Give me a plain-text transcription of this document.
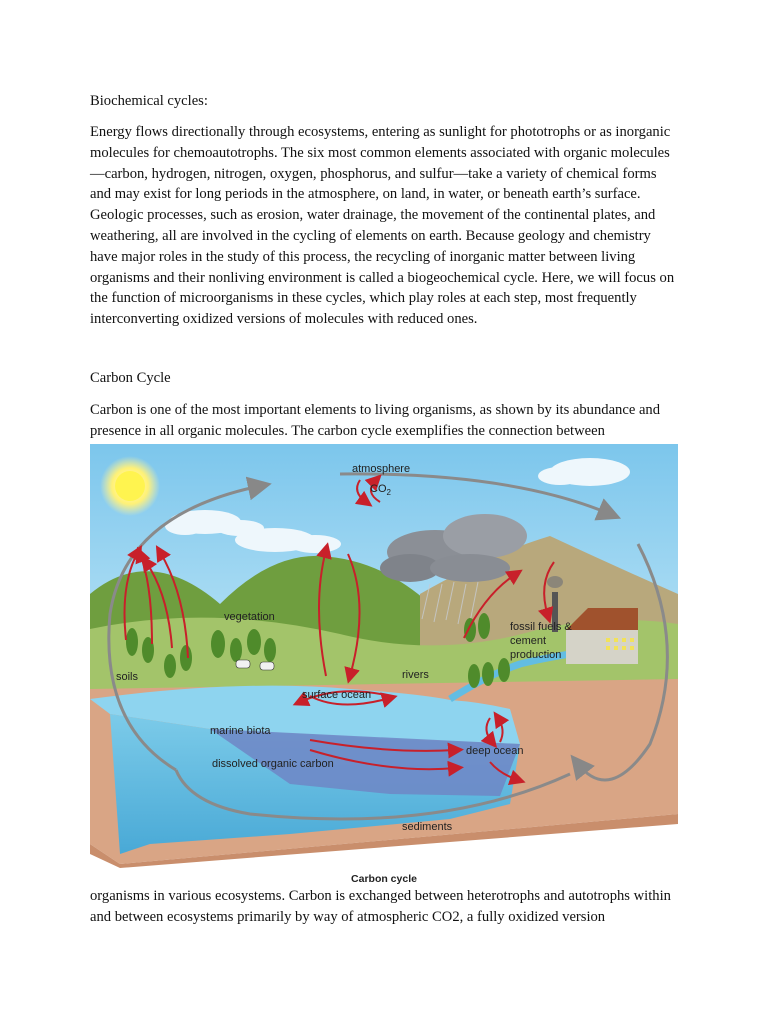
Biochemical cycles:

Energy flows directionally through ecosystems, entering as sunlight for phototrophs or as inorganic molecules for chemoautotrophs. The six most common elements associated with organic molecules—carbon, hydrogen, nitrogen, oxygen, phosphorus, and sulfur—take a variety of chemical forms and may exist for long periods in the atmosphere, on land, in water, or beneath earth’s surface. Geologic processes, such as erosion, water drainage, the movement of the continental plates, and weathering, all are involved in the cycling of elements on earth. Because geology and chemistry have major roles in the study of this process, the recycling of inorganic matter between living organisms and their nonliving environment is called a biogeochemical cycle. Here, we will focus on the function of microorganisms in these cycles, which play roles at each step, most frequently interconverting oxidized versions of molecules with reduced ones.

Carbon Cycle

Carbon is one of the most important elements to living organisms, as shown by its abundance and presence in all organic molecules. The carbon cycle exemplifies the connection between

atmosphere
$CO_2$
vegetation
fossil fuels &
cement
production
soils	rivers
surface ocean
marine biota
deep ocean
dissolved organic carbon
sediments
Carbon cycle

organisms in various ecosystems. Carbon is exchanged between heterotrophs and autotrophs within and between ecosystems primarily by way of atmospheric CO2, a fully oxidized version
